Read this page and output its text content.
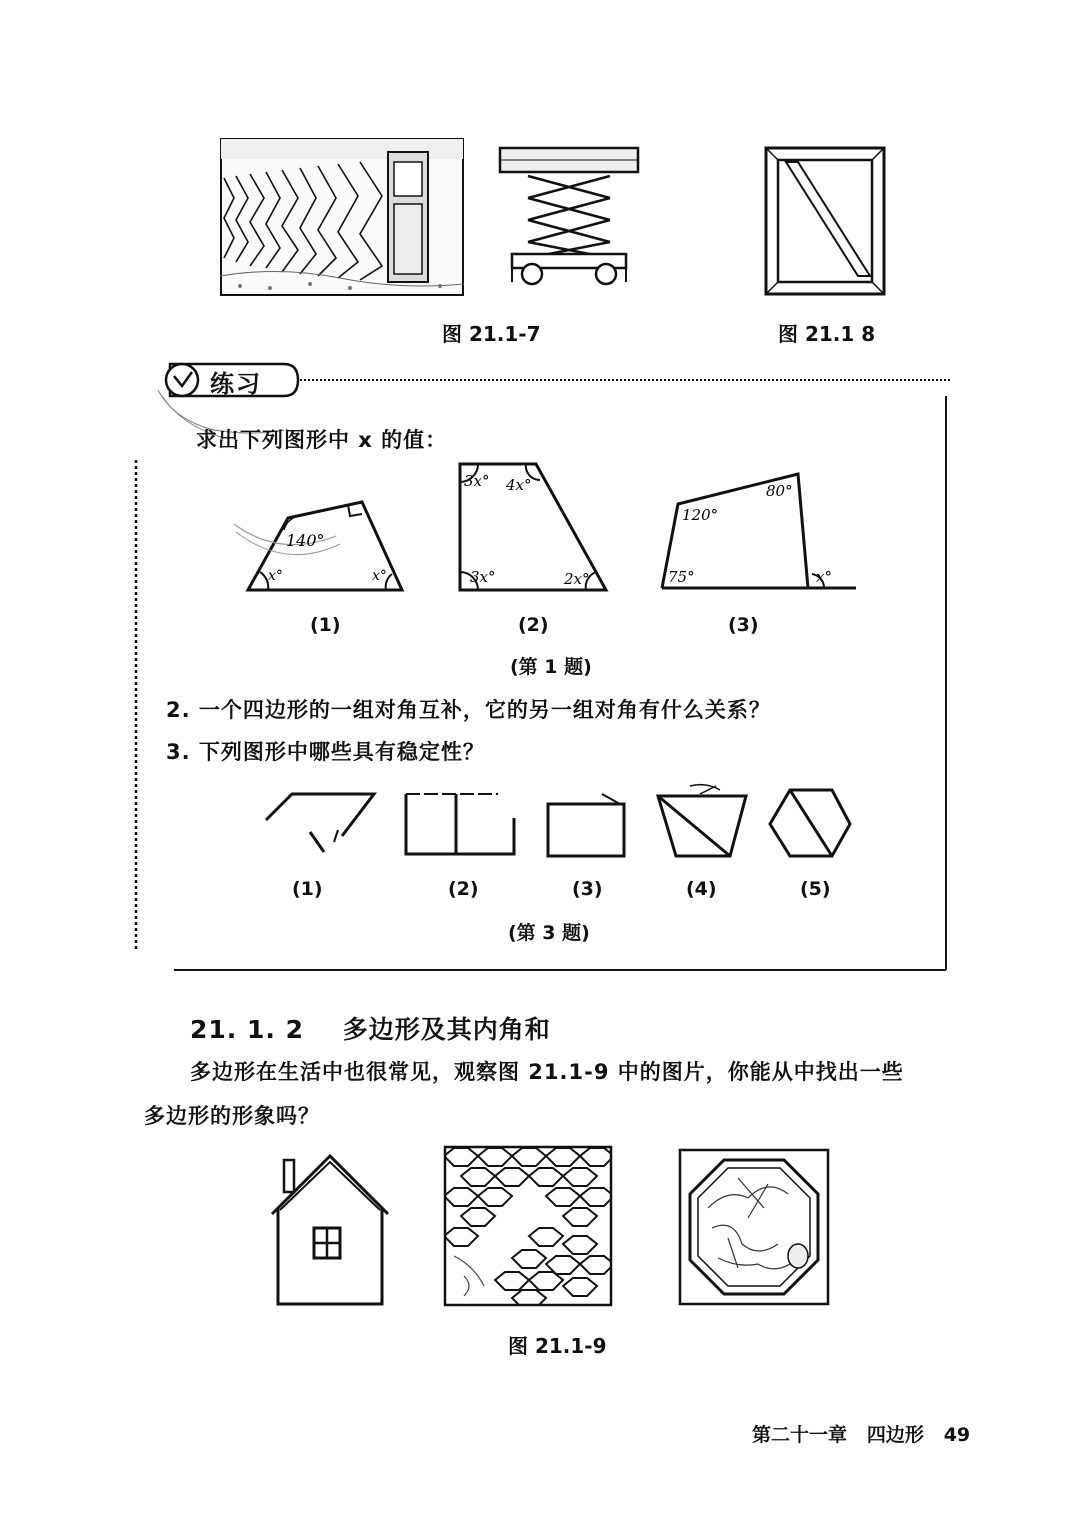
图 21.1-7	图 21.1 8
练习
求出下列图形中 x 的值：
140°
x°	x°
3x° 4x°
3x°	2x°
120°
80°
75°	x°
(1)	(2)	(3)
(第 1 题)
2. 一个四边形的一组对角互补，它的另一组对角有什么关系？
3. 下列图形中哪些具有稳定性？
(1)	(2)	(3)	(4)	(5)
(第 3 题)
21. 1. 2    多边形及其内角和
多边形在生活中也很常见，观察图 21.1-9 中的图片，你能从中找出一些
多边形的形象吗？
图 21.1-9
第二十一章   四边形   49
